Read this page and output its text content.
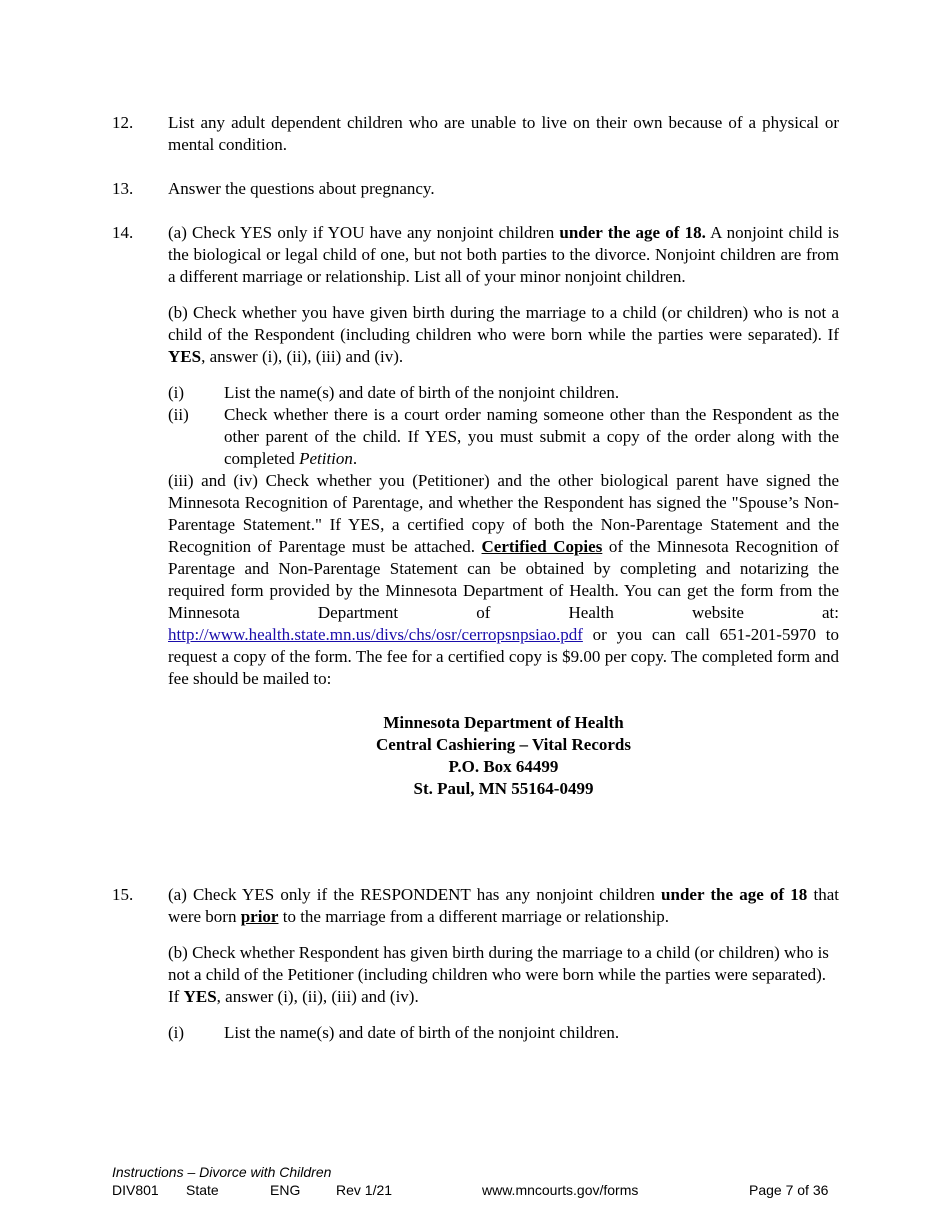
12. List any adult dependent children who are unable to live on their own because of a physical or mental condition.

13. Answer the questions about pregnancy.

14. (a) Check YES only if YOU have any nonjoint children under the age of 18. A nonjoint child is the biological or legal child of one, but not both parties to the divorce. Nonjoint children are from a different marriage or relationship. List all of your minor nonjoint children.

(b) Check whether you have given birth during the marriage to a child (or children) who is not a child of the Respondent (including children who were born while the parties were separated). If YES, answer (i), (ii), (iii) and (iv).

(i) List the name(s) and date of birth of the nonjoint children.
(ii) Check whether there is a court order naming someone other than the Respondent as the other parent of the child. If YES, you must submit a copy of the order along with the completed Petition.

(iii) and (iv) Check whether you (Petitioner) and the other biological parent have signed the Minnesota Recognition of Parentage, and whether the Respondent has signed the "Spouse’s Non-Parentage Statement." If YES, a certified copy of both the Non-Parentage Statement and the Recognition of Parentage must be attached. Certified Copies of the Minnesota Recognition of Parentage and Non-Parentage Statement can be obtained by completing and notarizing the required form provided by the Minnesota Department of Health. You can get the form from the Minnesota Department of Health website at: http://www.health.state.mn.us/divs/chs/osr/cerropsnpsiao.pdf or you can call 651-201-5970 to request a copy of the form. The fee for a certified copy is $9.00 per copy. The completed form and fee should be mailed to:

Minnesota Department of Health
Central Cashiering – Vital Records
P.O. Box 64499
St. Paul, MN 55164-0499
15. (a) Check YES only if the RESPONDENT has any nonjoint children under the age of 18 that were born prior to the marriage from a different marriage or relationship.

(b) Check whether Respondent has given birth during the marriage to a child (or children) who is not a child of the Petitioner (including children who were born while the parties were separated). If YES, answer (i), (ii), (iii) and (iv).

(i) List the name(s) and date of birth of the nonjoint children.
Instructions – Divorce with Children
DIV801 State	ENG	Rev 1/21	www.mncourts.gov/forms	Page 7 of 36
